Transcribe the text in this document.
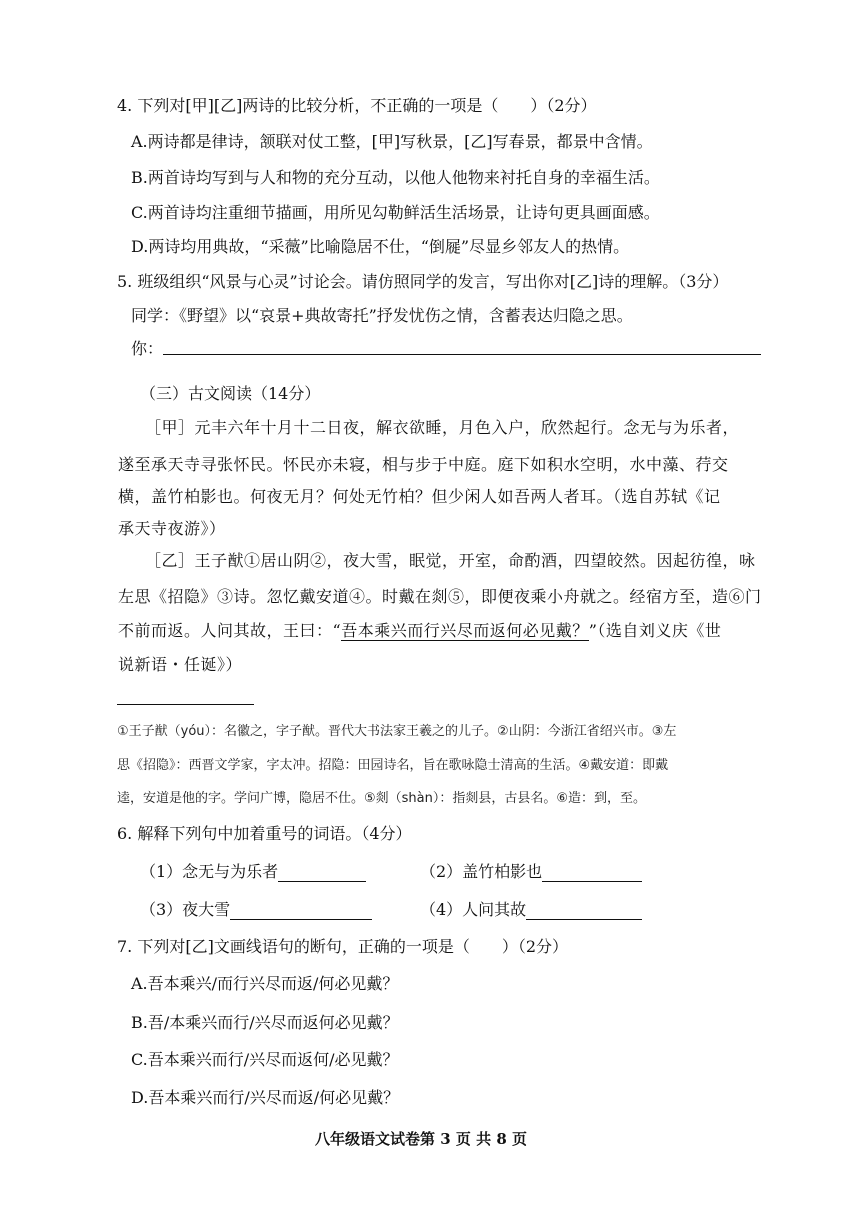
4. 下列对[甲][乙]两诗的比较分析，不正确的一项是（　　）（2分）
A.两诗都是律诗，颔联对仗工整，[甲]写秋景，[乙]写春景，都景中含情。
B.两首诗均写到与人和物的充分互动，以他人他物来衬托自身的幸福生活。
C.两首诗均注重细节描画，用所见勾勒鲜活生活场景，让诗句更具画面感。
D.两诗均用典故，“采薇”比喻隐居不仕，“倒屣”尽显乡邻友人的热情。
5. 班级组织“风景与心灵”讨论会。请仿照同学的发言，写出你对[乙]诗的理解。（3分）
同学：《野望》以“哀景+典故寄托”抒发忧伤之情，含蓄表达归隐之思。
你：
（三）古文阅读（14分）
［甲］元丰六年十月十二日夜，解衣欲睡，月色入户，欣然起行。念无与为乐者，
遂至承天寺寻张怀民。怀民亦未寝，相与步于中庭。庭下如积水空明，水中藻、荇交
横，盖竹柏影也。何夜无月？何处无竹柏？但少闲人如吾两人者耳。（选自苏轼《记
承天寺夜游》）
［乙］王子猷①居山阴②，夜大雪，眠觉，开室，命酌酒，四望皎然。因起彷徨，咏
左思《招隐》③诗。忽忆戴安道④。时戴在剡⑤，即便夜乘小舟就之。经宿方至，造⑥门
不前而返。人问其故，王曰：“吾本乘兴而行兴尽而返何必见戴？”（选自刘义庆《世
说新语・任诞》）
①王子猷（yóu）：名徽之，字子猷。晋代大书法家王羲之的儿子。②山阴：今浙江省绍兴市。③左
思《招隐》：西晋文学家，字太冲。招隐：田园诗名，旨在歌咏隐士清高的生活。④戴安道：即戴
逵，安道是他的字。学问广博，隐居不仕。⑤剡（shàn）：指剡县，古县名。⑥造：到，至。
6. 解释下列句中加着重号的词语。（4分）
（1）念无与为乐者	（2）盖竹柏影也
（3）夜大雪	（4）人问其故
7. 下列对[乙]文画线语句的断句，正确的一项是（　　）（2分）
A.吾本乘兴/而行兴尽而返/何必见戴？
B.吾/本乘兴而行/兴尽而返何必见戴？
C.吾本乘兴而行/兴尽而返何/必见戴？
D.吾本乘兴而行/兴尽而返/何必见戴？
八年级语文试卷第 3 页 共 8 页
